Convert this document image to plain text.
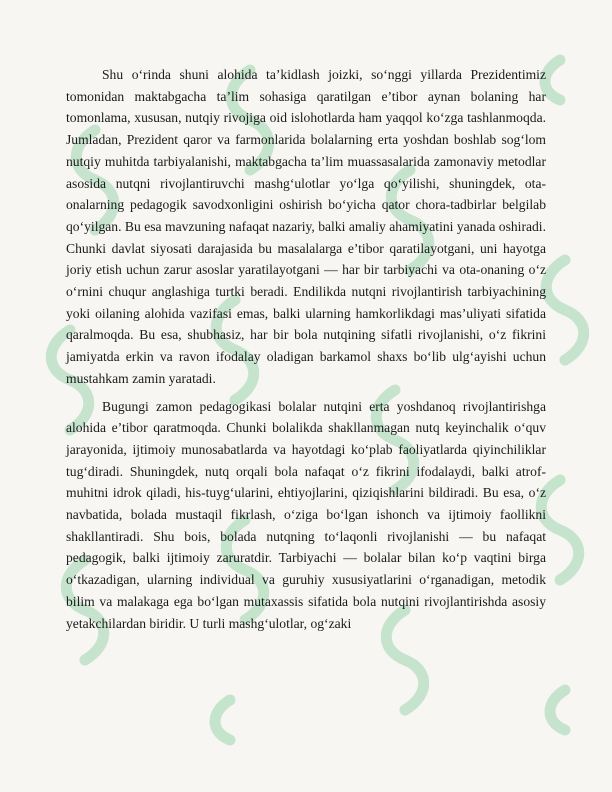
Shu o‘rinda shuni alohida ta’kidlash joizki, so‘nggi yillarda Prezidentimiz tomonidan maktabgacha ta’lim sohasiga qaratilgan e’tibor aynan bolaning har tomonlama, xususan, nutqiy rivojiga oid islohotlarda ham yaqqol ko‘zga tashlanmoqda. Jumladan, Prezident qaror va farmonlarida bolalarning erta yoshdan boshlab sog‘lom nutqiy muhitda tarbiyalanishi, maktabgacha ta’lim muassasalarida zamonaviy metodlar asosida nutqni rivojlantiruvchi mashg‘ulotlar yo‘lga qo‘yilishi, shuningdek, ota-onalarning pedagogik savodxonligini oshirish bo‘yicha qator chora-tadbirlar belgilab qo‘yilgan. Bu esa mavzuning nafaqat nazariy, balki amaliy ahamiyatini yanada oshiradi. Chunki davlat siyosati darajasida bu masalalarga e’tibor qaratilayotgani, uni hayotga joriy etish uchun zarur asoslar yaratilayotgani — har bir tarbiyachi va ota-onaning o‘z o‘rnini chuqur anglashiga turtki beradi. Endilikda nutqni rivojlantirish tarbiyachining yoki oilaning alohida vazifasi emas, balki ularning hamkorlikdagi mas’uliyati sifatida qaralmoqda. Bu esa, shubhasiz, har bir bola nutqining sifatli rivojlanishi, o‘z fikrini jamiyatda erkin va ravon ifodalay oladigan barkamol shaxs bo‘lib ulg‘ayishi uchun mustahkam zamin yaratadi.

Bugungi zamon pedagogikasi bolalar nutqini erta yoshdanoq rivojlantirishga alohida e’tibor qaratmoqda. Chunki bolalikda shakllanmagan nutq keyinchalik o‘quv jarayonida, ijtimoiy munosabatlarda va hayotdagi ko‘plab faoliyatlarda qiyinchiliklar tug‘diradi. Shuningdek, nutq orqali bola nafaqat o‘z fikrini ifodalaydi, balki atrof-muhitni idrok qiladi, his-tuyg‘ularini, ehtiyojlarini, qiziqishlarini bildiradi. Bu esa, o‘z navbatida, bolada mustaqil fikrlash, o‘ziga bo‘lgan ishonch va ijtimoiy faollikni shakllantiradi. Shu bois, bolada nutqning to‘laqonli rivojlanishi — bu nafaqat pedagogik, balki ijtimoiy zaruratdir. Tarbiyachi — bolalar bilan ko‘p vaqtini birga o‘tkazadigan, ularning individual va guruhiy xususiyatlarini o‘rganadigan, metodik bilim va malakaga ega bo‘lgan mutaxassis sifatida bola nutqini rivojlantirishda asosiy yetakchilardan biridir. U turli mashg‘ulotlar, og‘zaki
